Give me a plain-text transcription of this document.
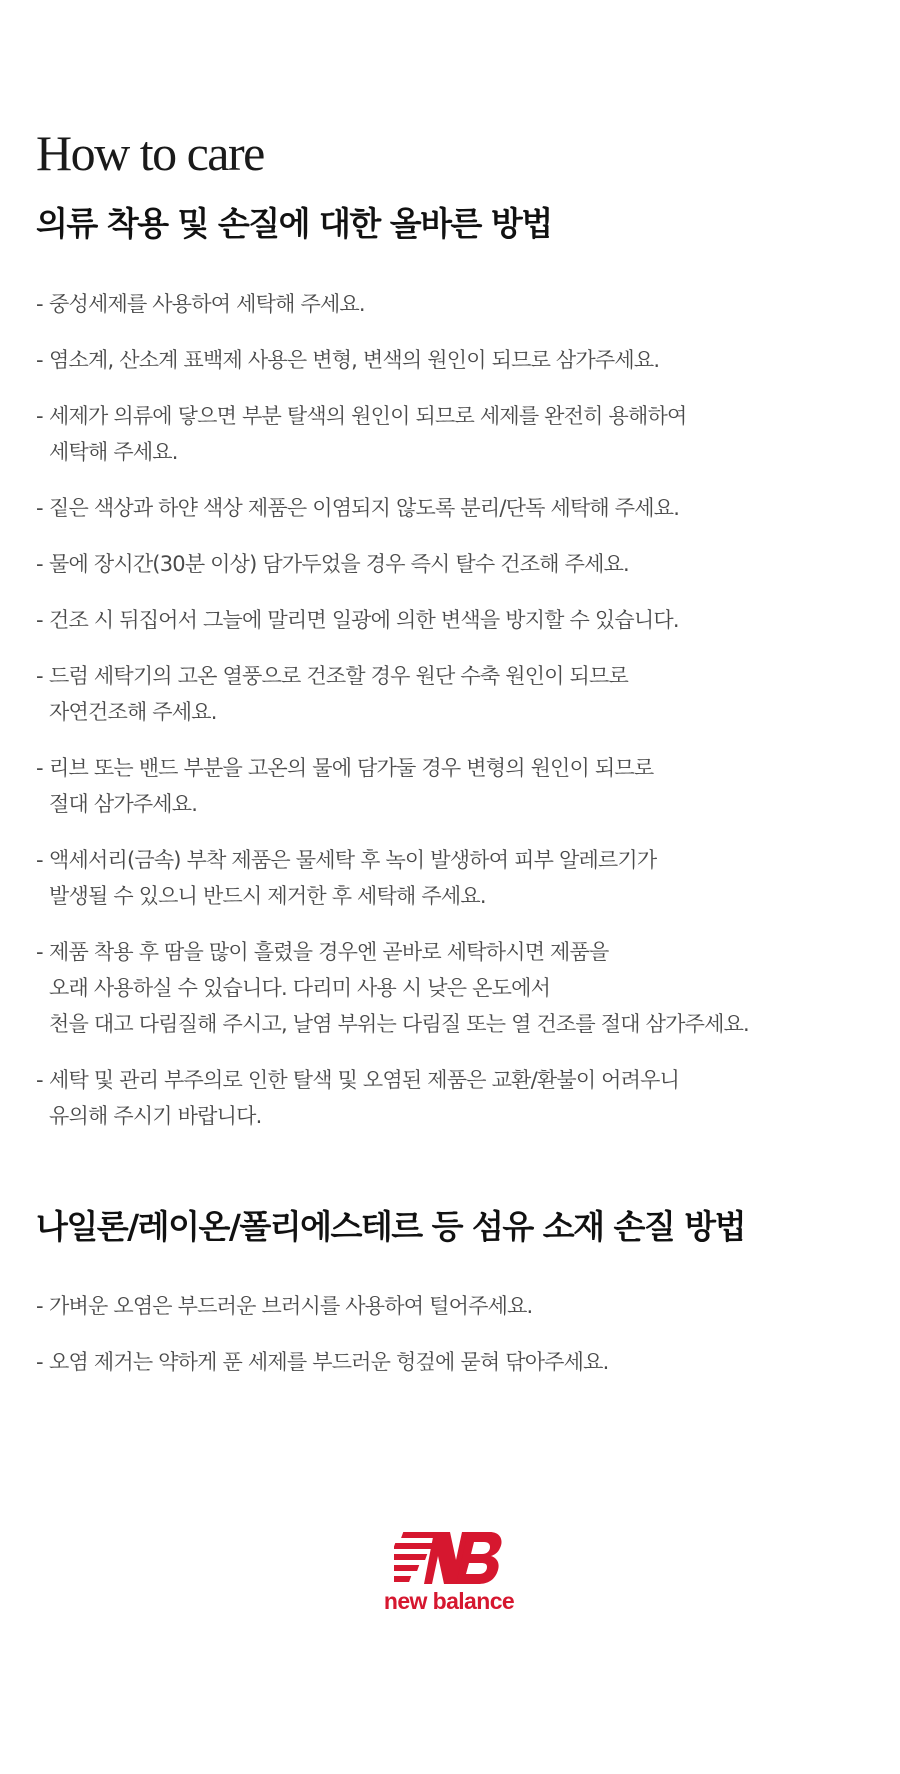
How to care
의류 착용 및 손질에 대한 올바른 방법
- 중성세제를 사용하여 세탁해 주세요.
- 염소계, 산소계 표백제 사용은 변형, 변색의 원인이 되므로 삼가주세요.
- 세제가 의류에 닿으면 부분 탈색의 원인이 되므로 세제를 완전히 용해하여
세탁해 주세요.
- 짙은 색상과 하얀 색상 제품은 이염되지 않도록 분리/단독 세탁해 주세요.
- 물에 장시간(30분 이상) 담가두었을 경우 즉시 탈수 건조해 주세요.
- 건조 시 뒤집어서 그늘에 말리면 일광에 의한 변색을 방지할 수 있습니다.
- 드럼 세탁기의 고온 열풍으로 건조할 경우 원단 수축 원인이 되므로
자연건조해 주세요.
- 리브 또는 밴드 부분을 고온의 물에 담가둘 경우 변형의 원인이 되므로
절대 삼가주세요.
- 액세서리(금속) 부착 제품은 물세탁 후 녹이 발생하여 피부 알레르기가
발생될 수 있으니 반드시 제거한 후 세탁해 주세요.
- 제품 착용 후 땀을 많이 흘렸을 경우엔 곧바로 세탁하시면 제품을
오래 사용하실 수 있습니다. 다리미 사용 시 낮은 온도에서
천을 대고 다림질해 주시고, 날염 부위는 다림질 또는 열 건조를 절대 삼가주세요.
- 세탁 및 관리 부주의로 인한 탈색 및 오염된 제품은 교환/환불이 어려우니
유의해 주시기 바랍니다.
나일론/레이온/폴리에스테르 등 섬유 소재 손질 방법
- 가벼운 오염은 부드러운 브러시를 사용하여 털어주세요.
- 오염 제거는 약하게 푼 세제를 부드러운 헝겊에 묻혀 닦아주세요.
new balance
